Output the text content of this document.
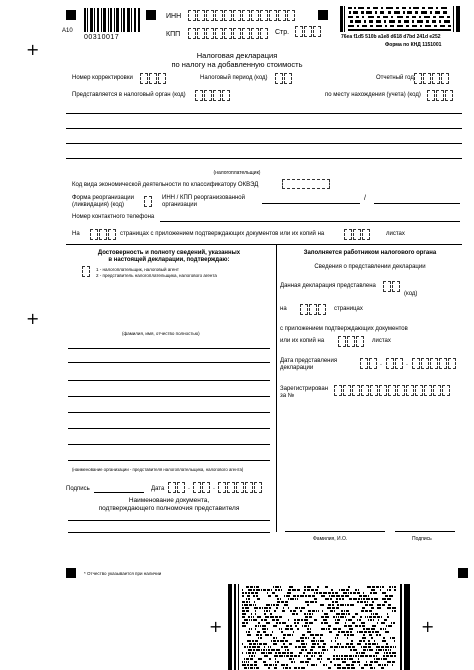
+
+
+	+
A10
00310017
ИНН
КПП	Стр.
76ea f1d5 510b a1e8 d618 d7bd 241d e252
Форма по КНД 1151001
Налоговая декларация
по налогу на добавленную стоимость
Номер корректировки	Налоговый период (код)	Отчетный год
Представляется в налоговый орган (код)	по месту нахождения (учета) (код)
(налогоплательщик)
Код вида экономической деятельности по классификатору ОКВЭД
Форма реорганизации
(ликвидация) (код)
ИНН / КПП реорганизованной
организации
/
Номер контактного телефона
На	страницах с приложением подтверждающих документов или их копий на	листах
Достоверность и полноту сведений, указанных
в настоящей декларации, подтверждаю:
1 - налогоплательщик, налоговый агент
2 - представитель налогоплательщика, налогового агента
(фамилия, имя, отчество полностью)
(наименование организации - представителя налогоплательщика, налогового агента)
Подпись	Дата	.	.
Наименование документа,
подтверждающего полномочия представителя
Заполняется работником налогового органа
Сведения о представлении декларации
Данная декларация представлена
(код)
на	страницах
с приложением подтверждающих документов
или их копий на	листах
Дата представления
декларации
.	.
Зарегистрирован
за №
Фамилия, И.О.	Подпись
* Отчество указывается при наличии
